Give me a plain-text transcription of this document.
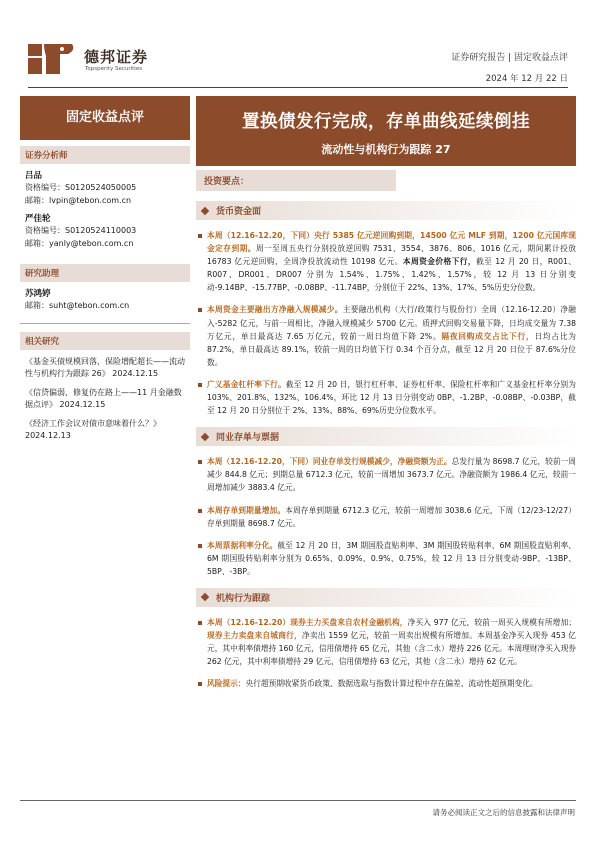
德邦证券
Topsperity Securities
证券研究报告 | 固定收益点评
2024 年 12 月 22 日
固定收益点评	置换债发行完成，存单曲线延续倒挂
流动性与机构行为跟踪 27
证券分析师
吕品
资格编号：S0120524050005
邮箱：lvpin@tebon.com.cn
严佳轮
资格编号：S0120524110003
邮箱：yanly@tebon.com.cn
研究助理
苏鸿婷
邮箱：suht@tebon.com.cn
相关研究
《基金买债规模回落，保险增配超长——流动性与机构行为跟踪 26》 2024.12.15
《信贷偏弱，修复仍在路上——11 月金融数据点评》 2024.12.15
《经济工作会议对债市意味着什么？》 2024.12.13
投资要点：
货币资金面
本周（12.16-12.20，下同）央行 5385 亿元逆回购到期，14500 亿元 MLF 到期，1200 亿元国库现金定存到期。周一至周五央行分别投放逆回购 7531、3554、3876、806、1016 亿元，期间累计投放 16783 亿元逆回购，全周净投放流动性 10198 亿元。本周资金价格下行，截至 12 月 20 日，R001、R007、DR001、DR007 分别为 1.54%、1.75%、1.42%、1.57%，较 12 月 13 日分别变动-9.14BP、-15.77BP、-0.08BP、-11.74BP，分别位于 22%、13%、17%、5%历史分位数。
本周资金主要融出方净融入规模减少。主要融出机构（大行/政策行与股份行）全周（12.16-12.20）净融入-5282 亿元，与前一周相比，净融入规模减少 5700 亿元。质押式回购交易量下降，日均成交量为 7.38 万亿元，单日最高达 7.65 万亿元，较前一周日均值下降 2%。隔夜回购成交占比下行，日均占比为 87.2%，单日最高达 89.1%，较前一周的日均值下行 0.34 个百分点，截至 12 月 20 日位于 87.6%分位数。
广义基金杠杆率下行。截至 12 月 20 日，银行杠杆率、证券杠杆率、保险杠杆率和广义基金杠杆率分别为 103%、201.8%、132%、106.4%，环比 12 月 13 日分别变动 0BP、-1.2BP、-0.08BP、-0.03BP，截至 12 月 20 日分别位于 2%、13%、88%、69%历史分位数水平。
同业存单与票据
本周（12.16-12.20，下同）同业存单发行规模减少，净融资额为正。总发行量为 8698.7 亿元，较前一周减少 844.8 亿元；到期总量 6712.3 亿元，较前一周增加 3673.7 亿元。净融资额为 1986.4 亿元，较前一周增加减少 3883.4 亿元。
本周存单到期量增加。本周存单到期量 6712.3 亿元，较前一周增加 3038.6 亿元，下周（12/23-12/27）存单到期量 8698.7 亿元。
本周票据利率分化。截至 12 月 20 日，3M 期国股直贴利率、3M 期国股转贴利率、6M 期国股直贴利率、6M 期国股转贴利率分别为 0.65%、0.09%、0.9%、0.75%，较 12 月 13 日分别变动-9BP、-13BP、5BP、-3BP。
机构行为跟踪
本周（12.16-12.20）现券主力买盘来自农村金融机构，净买入 977 亿元，较前一周买入规模有所增加；现券主力卖盘来自城商行，净卖出 1559 亿元，较前一周卖出规模有所增加。本周基金净买入现券 453 亿元，其中利率债增持 160 亿元，信用债增持 65 亿元，其他（含二永）增持 226 亿元。本周理财净买入现券 262 亿元，其中利率债增持 29 亿元，信用债增持 63 亿元，其他（含二永）增持 62 亿元。
风险提示：央行超预期收紧货币政策、数据选取与指数计算过程中存在偏差、流动性超预期变化。
请务必阅读正文之后的信息披露和法律声明
